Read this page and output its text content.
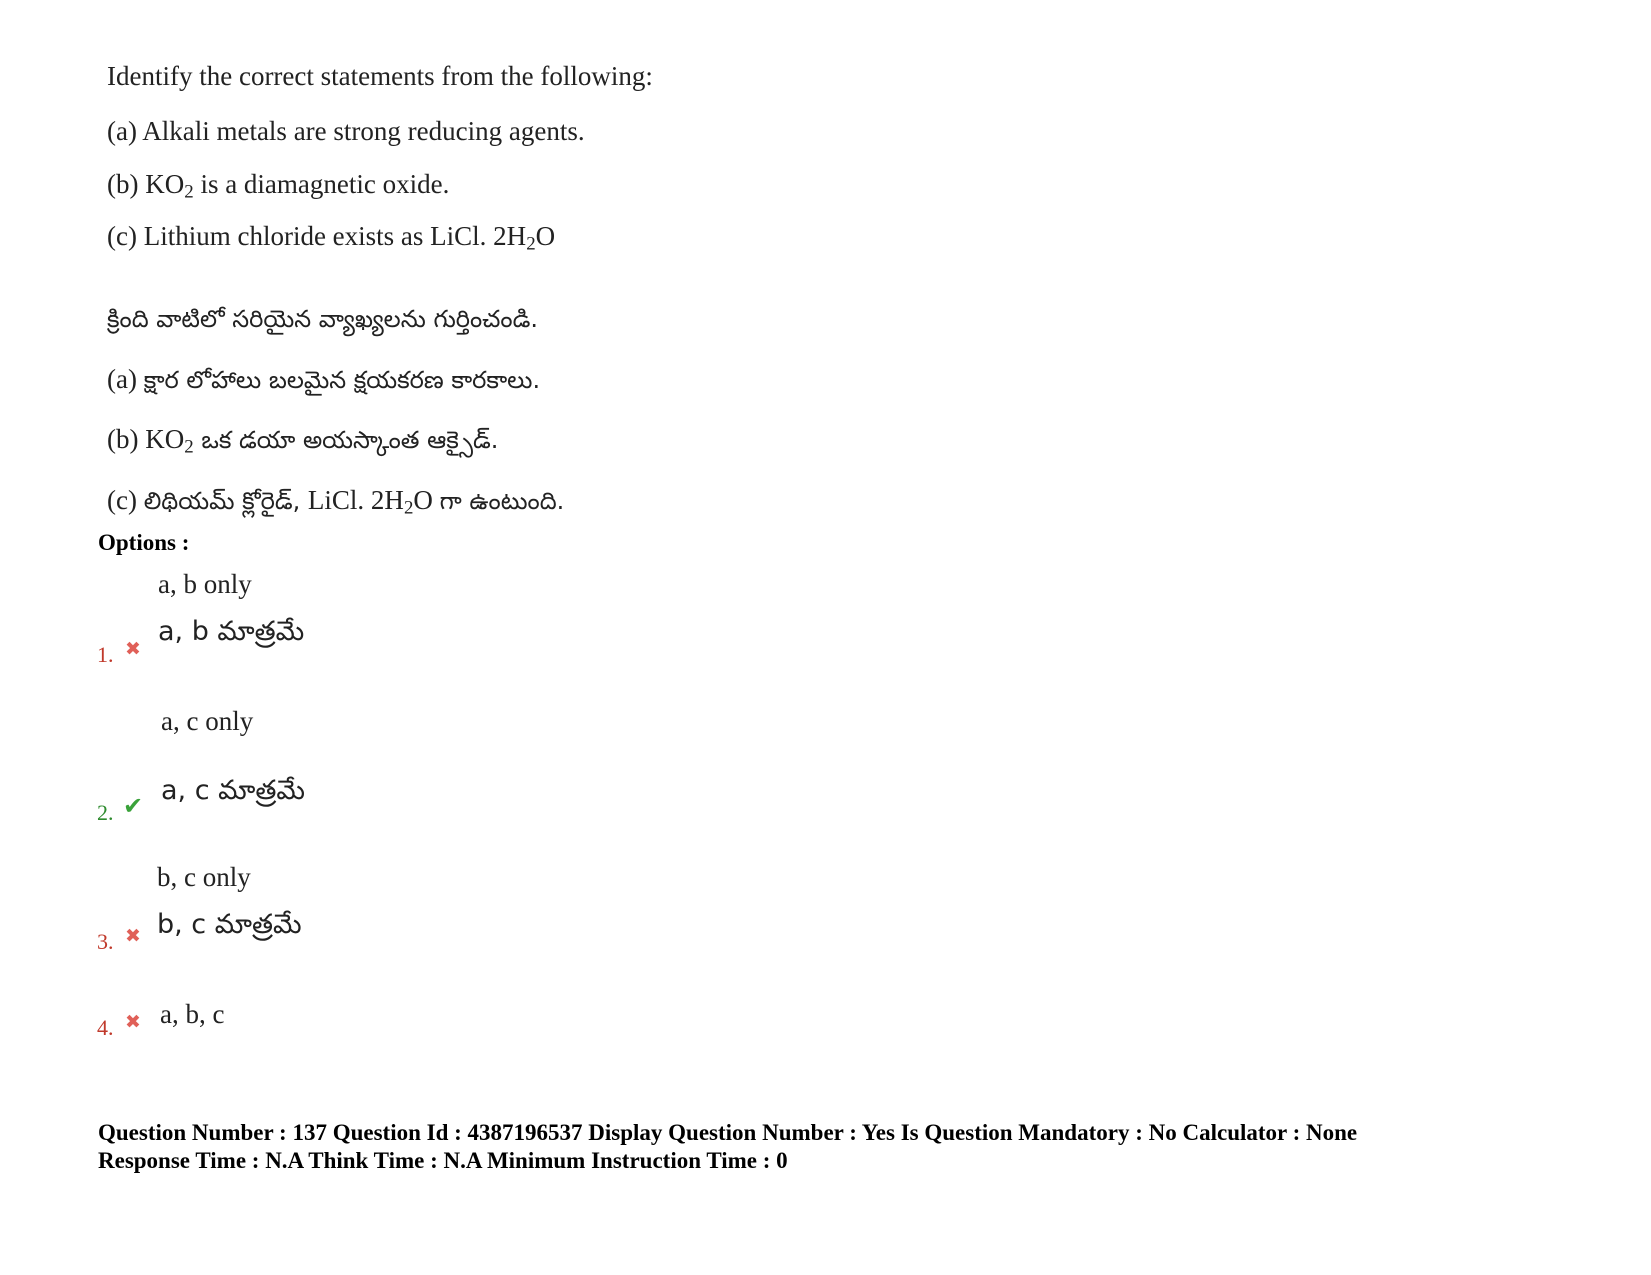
Identify the correct statements from the following:

(a) Alkali metals are strong reducing agents.

(b) $KO_2$ is a diamagnetic oxide.

(c) Lithium chloride exists as LiCl. $2H_2O$

క్రింది వాటిలో సరియైన వ్యాఖ్యలను గుర్తించండి.

(a) క్షార లోహాలు బలమైన క్షయకరణ కారకాలు.

(b) $KO_2$ ఒక డయా అయస్కాంత ఆక్సైడ్.

(c) లిథియమ్ క్లోరైడ్, LiCl. $2H_2O$ గా ఉంటుంది.

Options :
a, b only
a, b మాత్రమే
1. ✖
a, c only
a, c మాత్రమే
2. ✔
b, c only
b, c మాత్రమే
3. ✖
a, b, c
4. ✖
Question Number : 137 Question Id : 4387196537 Display Question Number : Yes Is Question Mandatory : No Calculator : None
Response Time : N.A Think Time : N.A Minimum Instruction Time : 0
